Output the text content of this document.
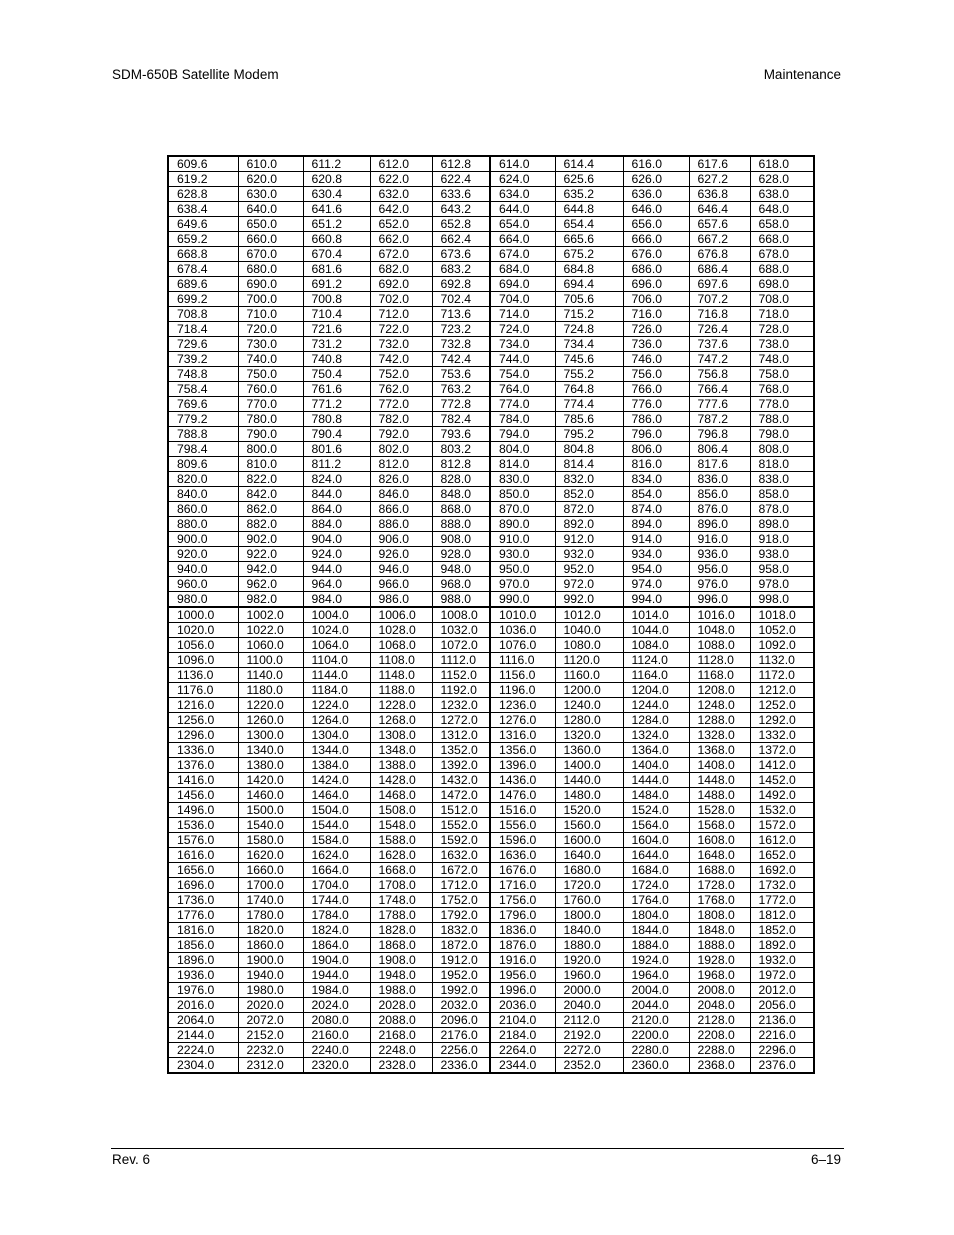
SDM-650B Satellite Modem	Maintenance
609.6	610.0	611.2	612.0	612.8	614.0	614.4	616.0	617.6	618.0
619.2	620.0	620.8	622.0	622.4	624.0	625.6	626.0	627.2	628.0
628.8	630.0	630.4	632.0	633.6	634.0	635.2	636.0	636.8	638.0
638.4	640.0	641.6	642.0	643.2	644.0	644.8	646.0	646.4	648.0
649.6	650.0	651.2	652.0	652.8	654.0	654.4	656.0	657.6	658.0
659.2	660.0	660.8	662.0	662.4	664.0	665.6	666.0	667.2	668.0
668.8	670.0	670.4	672.0	673.6	674.0	675.2	676.0	676.8	678.0
678.4	680.0	681.6	682.0	683.2	684.0	684.8	686.0	686.4	688.0
689.6	690.0	691.2	692.0	692.8	694.0	694.4	696.0	697.6	698.0
699.2	700.0	700.8	702.0	702.4	704.0	705.6	706.0	707.2	708.0
708.8	710.0	710.4	712.0	713.6	714.0	715.2	716.0	716.8	718.0
718.4	720.0	721.6	722.0	723.2	724.0	724.8	726.0	726.4	728.0
729.6	730.0	731.2	732.0	732.8	734.0	734.4	736.0	737.6	738.0
739.2	740.0	740.8	742.0	742.4	744.0	745.6	746.0	747.2	748.0
748.8	750.0	750.4	752.0	753.6	754.0	755.2	756.0	756.8	758.0
758.4	760.0	761.6	762.0	763.2	764.0	764.8	766.0	766.4	768.0
769.6	770.0	771.2	772.0	772.8	774.0	774.4	776.0	777.6	778.0
779.2	780.0	780.8	782.0	782.4	784.0	785.6	786.0	787.2	788.0
788.8	790.0	790.4	792.0	793.6	794.0	795.2	796.0	796.8	798.0
798.4	800.0	801.6	802.0	803.2	804.0	804.8	806.0	806.4	808.0
809.6	810.0	811.2	812.0	812.8	814.0	814.4	816.0	817.6	818.0
820.0	822.0	824.0	826.0	828.0	830.0	832.0	834.0	836.0	838.0
840.0	842.0	844.0	846.0	848.0	850.0	852.0	854.0	856.0	858.0
860.0	862.0	864.0	866.0	868.0	870.0	872.0	874.0	876.0	878.0
880.0	882.0	884.0	886.0	888.0	890.0	892.0	894.0	896.0	898.0
900.0	902.0	904.0	906.0	908.0	910.0	912.0	914.0	916.0	918.0
920.0	922.0	924.0	926.0	928.0	930.0	932.0	934.0	936.0	938.0
940.0	942.0	944.0	946.0	948.0	950.0	952.0	954.0	956.0	958.0
960.0	962.0	964.0	966.0	968.0	970.0	972.0	974.0	976.0	978.0
980.0	982.0	984.0	986.0	988.0	990.0	992.0	994.0	996.0	998.0
1000.0	1002.0	1004.0	1006.0	1008.0	1010.0	1012.0	1014.0	1016.0	1018.0
1020.0	1022.0	1024.0	1028.0	1032.0	1036.0	1040.0	1044.0	1048.0	1052.0
1056.0	1060.0	1064.0	1068.0	1072.0	1076.0	1080.0	1084.0	1088.0	1092.0
1096.0	1100.0	1104.0	1108.0	1112.0	1116.0	1120.0	1124.0	1128.0	1132.0
1136.0	1140.0	1144.0	1148.0	1152.0	1156.0	1160.0	1164.0	1168.0	1172.0
1176.0	1180.0	1184.0	1188.0	1192.0	1196.0	1200.0	1204.0	1208.0	1212.0
1216.0	1220.0	1224.0	1228.0	1232.0	1236.0	1240.0	1244.0	1248.0	1252.0
1256.0	1260.0	1264.0	1268.0	1272.0	1276.0	1280.0	1284.0	1288.0	1292.0
1296.0	1300.0	1304.0	1308.0	1312.0	1316.0	1320.0	1324.0	1328.0	1332.0
1336.0	1340.0	1344.0	1348.0	1352.0	1356.0	1360.0	1364.0	1368.0	1372.0
1376.0	1380.0	1384.0	1388.0	1392.0	1396.0	1400.0	1404.0	1408.0	1412.0
1416.0	1420.0	1424.0	1428.0	1432.0	1436.0	1440.0	1444.0	1448.0	1452.0
1456.0	1460.0	1464.0	1468.0	1472.0	1476.0	1480.0	1484.0	1488.0	1492.0
1496.0	1500.0	1504.0	1508.0	1512.0	1516.0	1520.0	1524.0	1528.0	1532.0
1536.0	1540.0	1544.0	1548.0	1552.0	1556.0	1560.0	1564.0	1568.0	1572.0
1576.0	1580.0	1584.0	1588.0	1592.0	1596.0	1600.0	1604.0	1608.0	1612.0
1616.0	1620.0	1624.0	1628.0	1632.0	1636.0	1640.0	1644.0	1648.0	1652.0
1656.0	1660.0	1664.0	1668.0	1672.0	1676.0	1680.0	1684.0	1688.0	1692.0
1696.0	1700.0	1704.0	1708.0	1712.0	1716.0	1720.0	1724.0	1728.0	1732.0
1736.0	1740.0	1744.0	1748.0	1752.0	1756.0	1760.0	1764.0	1768.0	1772.0
1776.0	1780.0	1784.0	1788.0	1792.0	1796.0	1800.0	1804.0	1808.0	1812.0
1816.0	1820.0	1824.0	1828.0	1832.0	1836.0	1840.0	1844.0	1848.0	1852.0
1856.0	1860.0	1864.0	1868.0	1872.0	1876.0	1880.0	1884.0	1888.0	1892.0
1896.0	1900.0	1904.0	1908.0	1912.0	1916.0	1920.0	1924.0	1928.0	1932.0
1936.0	1940.0	1944.0	1948.0	1952.0	1956.0	1960.0	1964.0	1968.0	1972.0
1976.0	1980.0	1984.0	1988.0	1992.0	1996.0	2000.0	2004.0	2008.0	2012.0
2016.0	2020.0	2024.0	2028.0	2032.0	2036.0	2040.0	2044.0	2048.0	2056.0
2064.0	2072.0	2080.0	2088.0	2096.0	2104.0	2112.0	2120.0	2128.0	2136.0
2144.0	2152.0	2160.0	2168.0	2176.0	2184.0	2192.0	2200.0	2208.0	2216.0
2224.0	2232.0	2240.0	2248.0	2256.0	2264.0	2272.0	2280.0	2288.0	2296.0
2304.0	2312.0	2320.0	2328.0	2336.0	2344.0	2352.0	2360.0	2368.0	2376.0
Rev. 6	6–19
